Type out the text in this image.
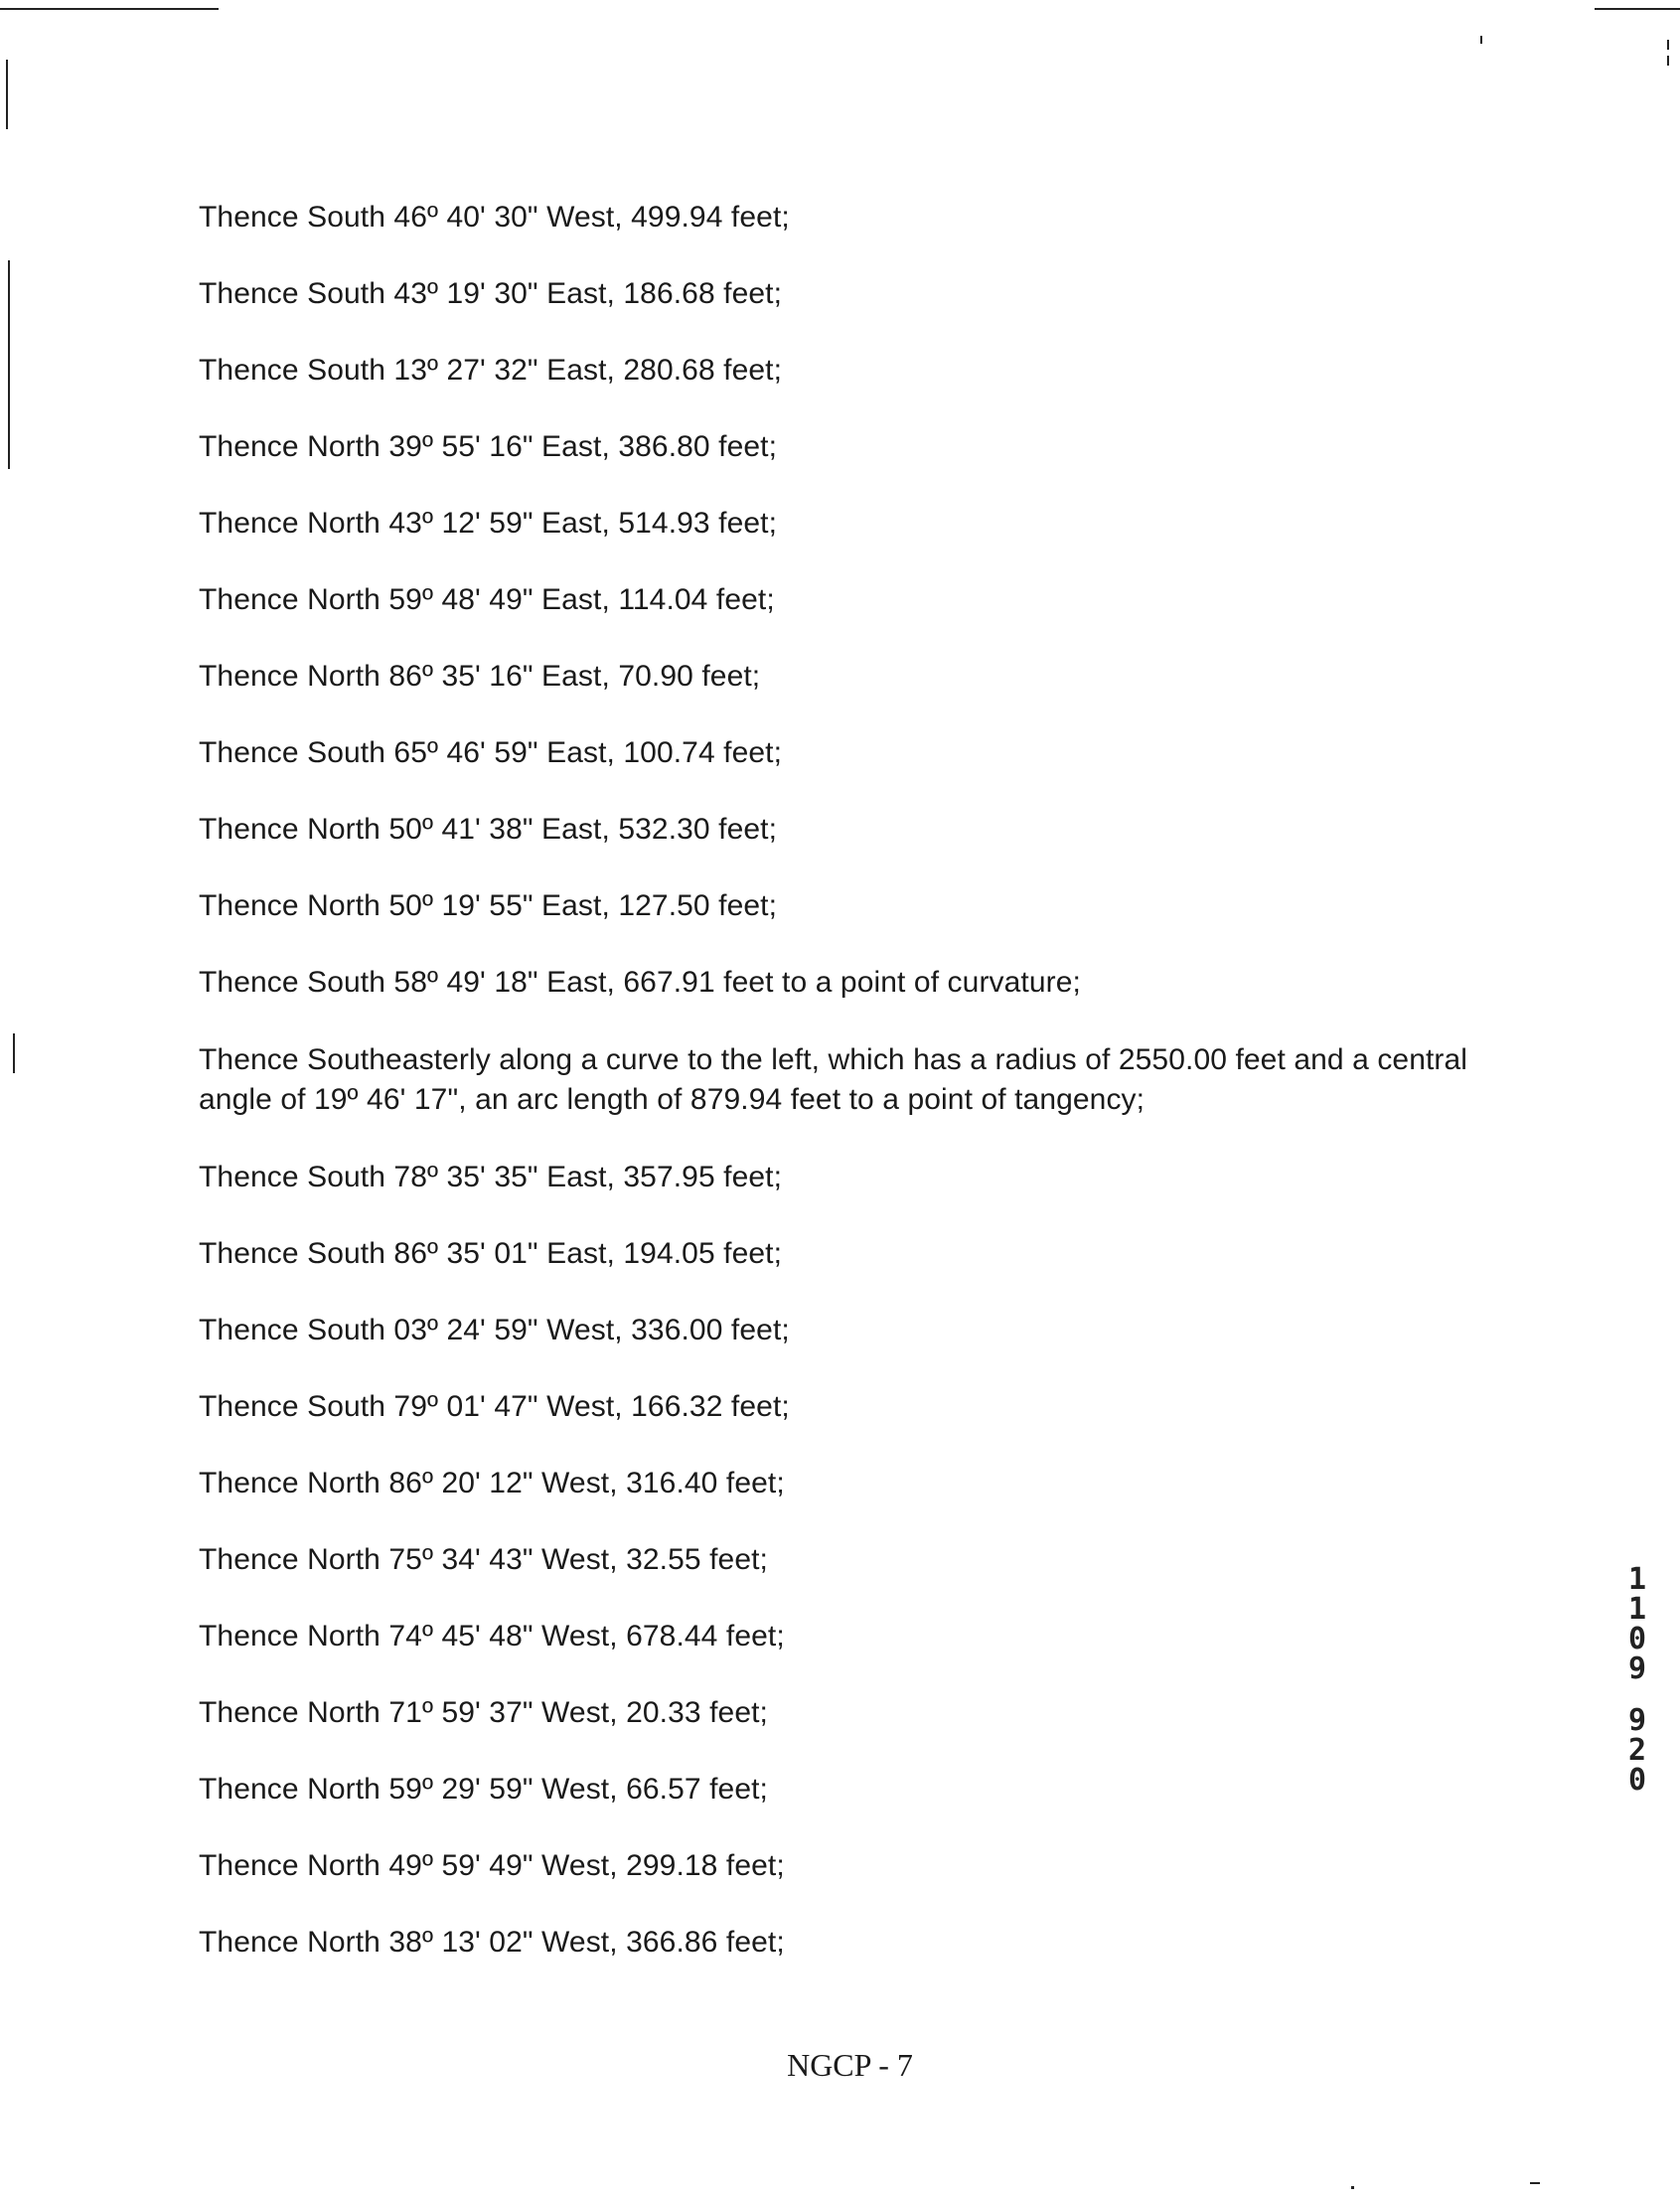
Thence South 46º 40' 30" West, 499.94 feet;
Thence South 43º 19' 30" East, 186.68 feet;
Thence South 13º 27' 32" East, 280.68 feet;
Thence North 39º 55' 16" East, 386.80 feet;
Thence North 43º 12' 59" East, 514.93 feet;
Thence North 59º 48' 49" East, 114.04 feet;
Thence North 86º 35' 16" East, 70.90 feet;
Thence South 65º 46' 59" East, 100.74 feet;
Thence North 50º 41' 38" East, 532.30 feet;
Thence North 50º 19' 55" East, 127.50 feet;
Thence South 58º 49' 18" East, 667.91 feet to a point of curvature;
Thence Southeasterly along a curve to the left, which has a radius of 2550.00 feet and a central angle of 19º 46' 17", an arc length of 879.94 feet to a point of tangency;
Thence South 78º 35' 35" East, 357.95 feet;
Thence South 86º 35' 01" East, 194.05 feet;
Thence South 03º 24' 59" West, 336.00 feet;
Thence South 79º 01' 47" West, 166.32 feet;
Thence North 86º 20' 12" West, 316.40 feet;
Thence North 75º 34' 43" West, 32.55 feet;
Thence North 74º 45' 48" West, 678.44 feet;
Thence North 71º 59' 37" West, 20.33 feet;
Thence North 59º 29' 59" West, 66.57 feet;
Thence North 49º 59' 49" West, 299.18 feet;
Thence North 38º 13' 02" West, 366.86 feet;
NGCP - 7
1
1
0
9
9
2
0
